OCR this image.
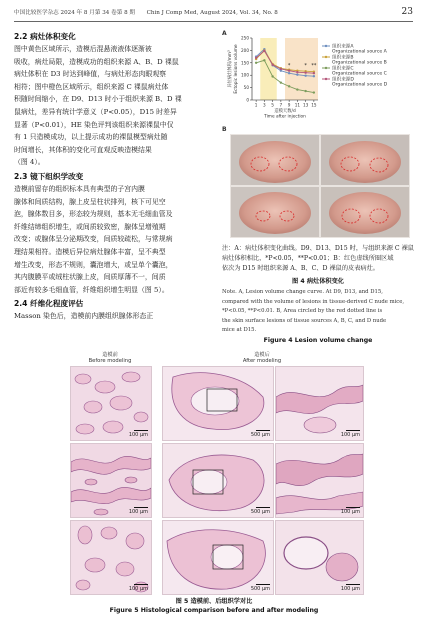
中国比较医学杂志 2024 年 8 月第 34 卷第 8 期 Chin J Comp Med, August 2024, Vol. 34, No. 8	23
2.2 病灶体积变化
图中黄色区域所示，造模后混悬液液体逐渐被
吸收，病灶局限，造模成功的组织来源 A、B、D 裸鼠
病灶体积在 D3 时达到峰值，与病灶形态肉眼观察
相符；图中橙色区域所示，组织来源 C 裸鼠病灶体
积随时间缩小，在 D9、D13 时小于组织来源 B、D 裸
鼠病灶，差异有统计学意义（P<0.05），D15 时差异
显著（P<0.01），HE 染色评判该组织来源裸鼠中仅
有 1 只造模成功，以上提示成功的裸鼠模型病灶随
时间增长，其体积的变化可直观反映造模结果
（图 4）。
2.3 镜下组织学改变
造模前留存的组织标本具有典型的子宫内膜
腺体和间质结构，腺上皮呈柱状排列，核下可见空
泡，腺体数目多，形态较为规则，基本无毛细血管及
纤维结缔组织增生，或间质较致密，腺体呈增殖期
改变；或腺体呈分泌期改变，间质较疏松，与常规病
理结果相符。造模后异位病灶腺体丰富，呈不典型
增生改变，形态不规则，囊泡增大，或呈单个囊泡，
其内腹膜平或绒柱状腺上皮，间质厚薄不一，间质
部近有较多毛细血管，纤维组织增生明显（图 5）。
2.4 纤维化程度评估
Masson 染色后，造模前内膜组织腺体形态正
A
0
50
100
150
200
250
1 3 5 7 9 11 13 15
造模天数/d
Time after injection
异位病灶体积/mm³ Ectopic lesions volume	*	* **
组织来源A
Organizational source A
组织来源B
Organizational source B
组织来源C
Organizational source C
组织来源D
Organizational source D
B
注：A：病灶体积变化曲线。D9、D13、D15 时，与组织来源 C 裸鼠
病灶体积相比，*P<0.05，**P<0.01；B：红色虚线所圈区域
依次为 D15 时组织来源 A、B、C、D 裸鼠的皮表病灶。
图 4 病灶体积变化
Note. A, Lesion volume change curve. At D9, D13, and D15,
compared with the volume of lesions in tissue-derived C nude mice,
*P<0.05, **P<0.01. B, Area circled by the red dotted line is
the skin surface lesions of tissue sources A, B, C, and D nude
mice at D15.
Figure 4 Lesion volume change
造模前
Before modeling
造模后
After modeling
100 μm
100 μm
100 μm
500 μm	100 μm
500 μm	100 μm
500 μm	100 μm
图 5 造模前、后组织学对比
Figure 5 Histological comparison before and after modeling
